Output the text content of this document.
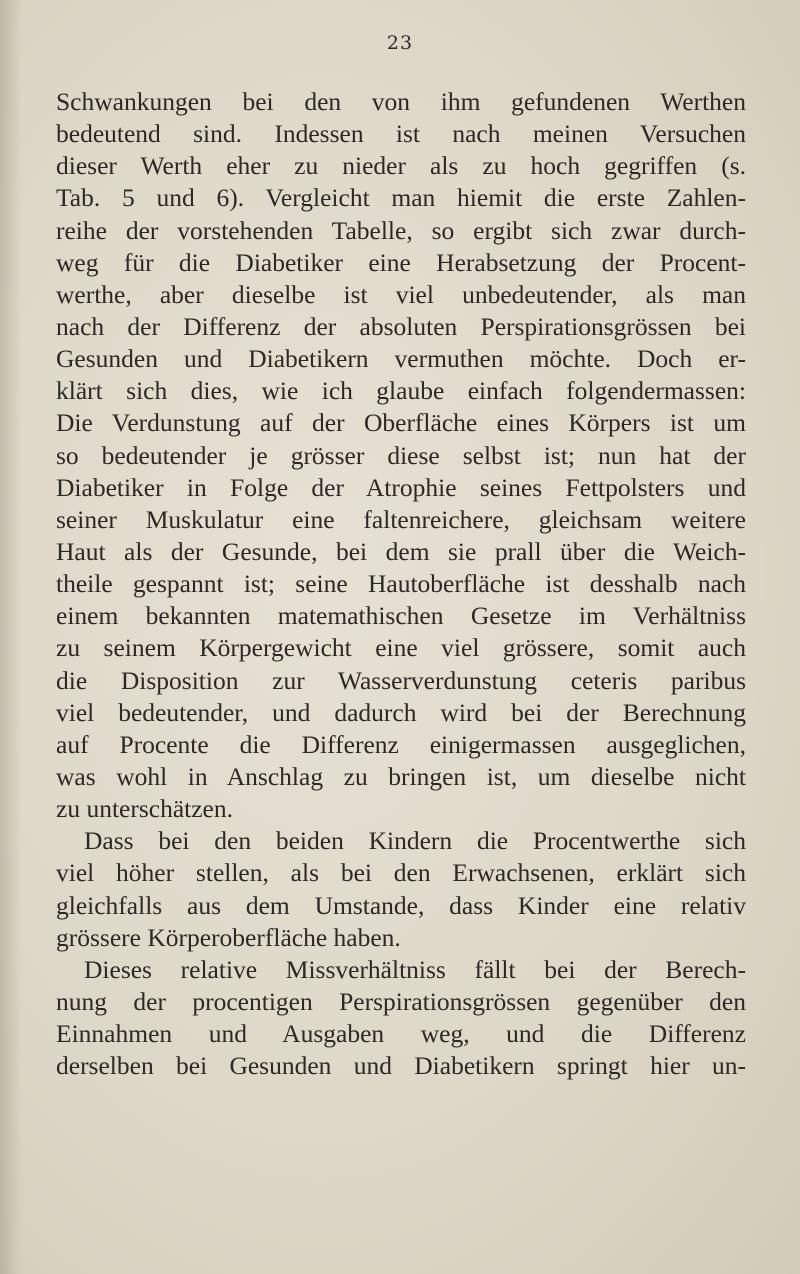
23
Schwankungen bei den von ihm gefundenen Werthen
bedeutend sind. Indessen ist nach meinen Versuchen
dieser Werth eher zu nieder als zu hoch gegriffen (s.
Tab. 5 und 6). Vergleicht man hiemit die erste Zahlen-
reihe der vorstehenden Tabelle, so ergibt sich zwar durch-
weg für die Diabetiker eine Herabsetzung der Procent-
werthe, aber dieselbe ist viel unbedeutender, als man
nach der Differenz der absoluten Perspirationsgrössen bei
Gesunden und Diabetikern vermuthen möchte. Doch er-
klärt sich dies, wie ich glaube einfach folgendermassen:
Die Verdunstung auf der Oberfläche eines Körpers ist um
so bedeutender je grösser diese selbst ist; nun hat der
Diabetiker in Folge der Atrophie seines Fettpolsters und
seiner Muskulatur eine faltenreichere, gleichsam weitere
Haut als der Gesunde, bei dem sie prall über die Weich-
theile gespannt ist; seine Hautoberfläche ist desshalb nach
einem bekannten matemathischen Gesetze im Verhältniss
zu seinem Körpergewicht eine viel grössere, somit auch
die Disposition zur Wasserverdunstung ceteris paribus
viel bedeutender, und dadurch wird bei der Berechnung
auf Procente die Differenz einigermassen ausgeglichen,
was wohl in Anschlag zu bringen ist, um dieselbe nicht
zu unterschätzen.
Dass bei den beiden Kindern die Procentwerthe sich
viel höher stellen, als bei den Erwachsenen, erklärt sich
gleichfalls aus dem Umstande, dass Kinder eine relativ
grössere Körperoberfläche haben.
Dieses relative Missverhältniss fällt bei der Berech-
nung der procentigen Perspirationsgrössen gegenüber den
Einnahmen und Ausgaben weg, und die Differenz
derselben bei Gesunden und Diabetikern springt hier un-
